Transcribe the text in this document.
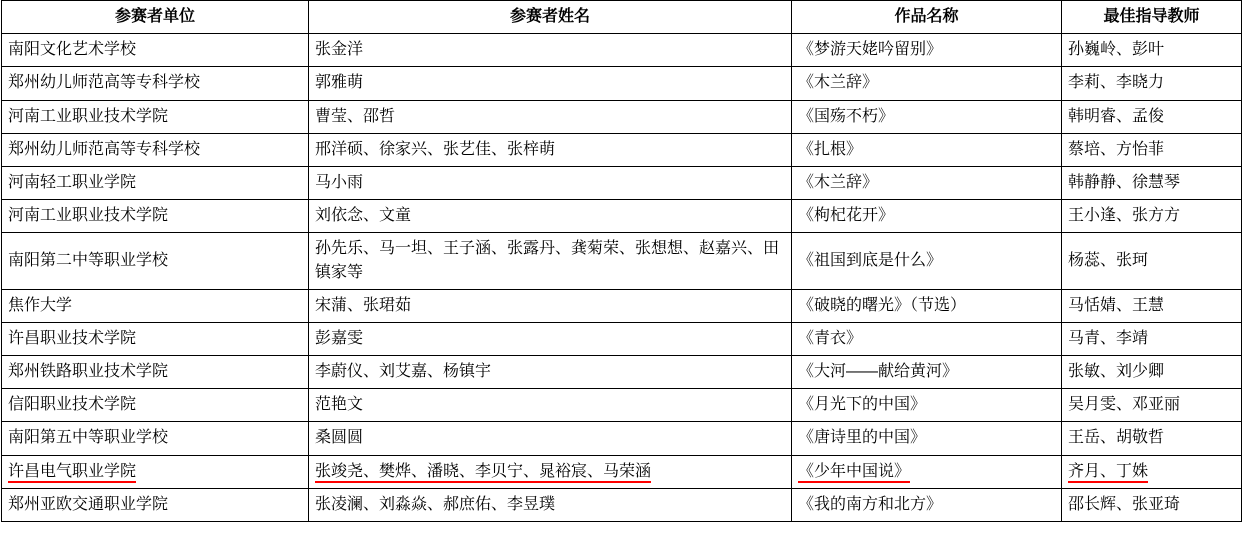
参赛者单位	参赛者姓名	作品名称	最佳指导教师
南阳文化艺术学校	张金洋	《梦游天姥吟留别》	孙巍岭、彭叶
郑州幼儿师范高等专科学校	郭雅萌	《木兰辞》	李莉、李晓力
河南工业职业技术学院	曹莹、邵哲	《国殇不朽》	韩明睿、孟俊
郑州幼儿师范高等专科学校	邢洋硕、徐家兴、张艺佳、张梓萌	《扎根》	蔡培、方怡菲
河南轻工职业学院	马小雨	《木兰辞》	韩静静、徐慧琴
河南工业职业技术学院	刘依念、文童	《枸杞花开》	王小逢、张方方
南阳第二中等职业学校	孙先乐、马一坦、王子涵、张露丹、龚菊荣、张想想、赵嘉兴、田镇家等	《祖国到底是什么》	杨蕊、张珂
焦作大学	宋蒲、张珺茹	《破晓的曙光》（节选）	马恬婧、王慧
许昌职业技术学院	彭嘉雯	《青衣》	马青、李靖
郑州铁路职业技术学院	李蔚仪、刘艾嘉、杨镇宇	《大河——献给黄河》	张敏、刘少卿
信阳职业技术学院	范艳文	《月光下的中国》	吴月雯、邓亚丽
南阳第五中等职业学校	桑圆圆	《唐诗里的中国》	王岳、胡敬哲
许昌电气职业学院	张竣尧、樊烨、潘晓、李贝宁、晁裕宸、马荣涵	《少年中国说》	齐月、丁姝
郑州亚欧交通职业学院	张凌澜、刘淼焱、郝庶佑、李昱璞	《我的南方和北方》	邵长辉、张亚琦
